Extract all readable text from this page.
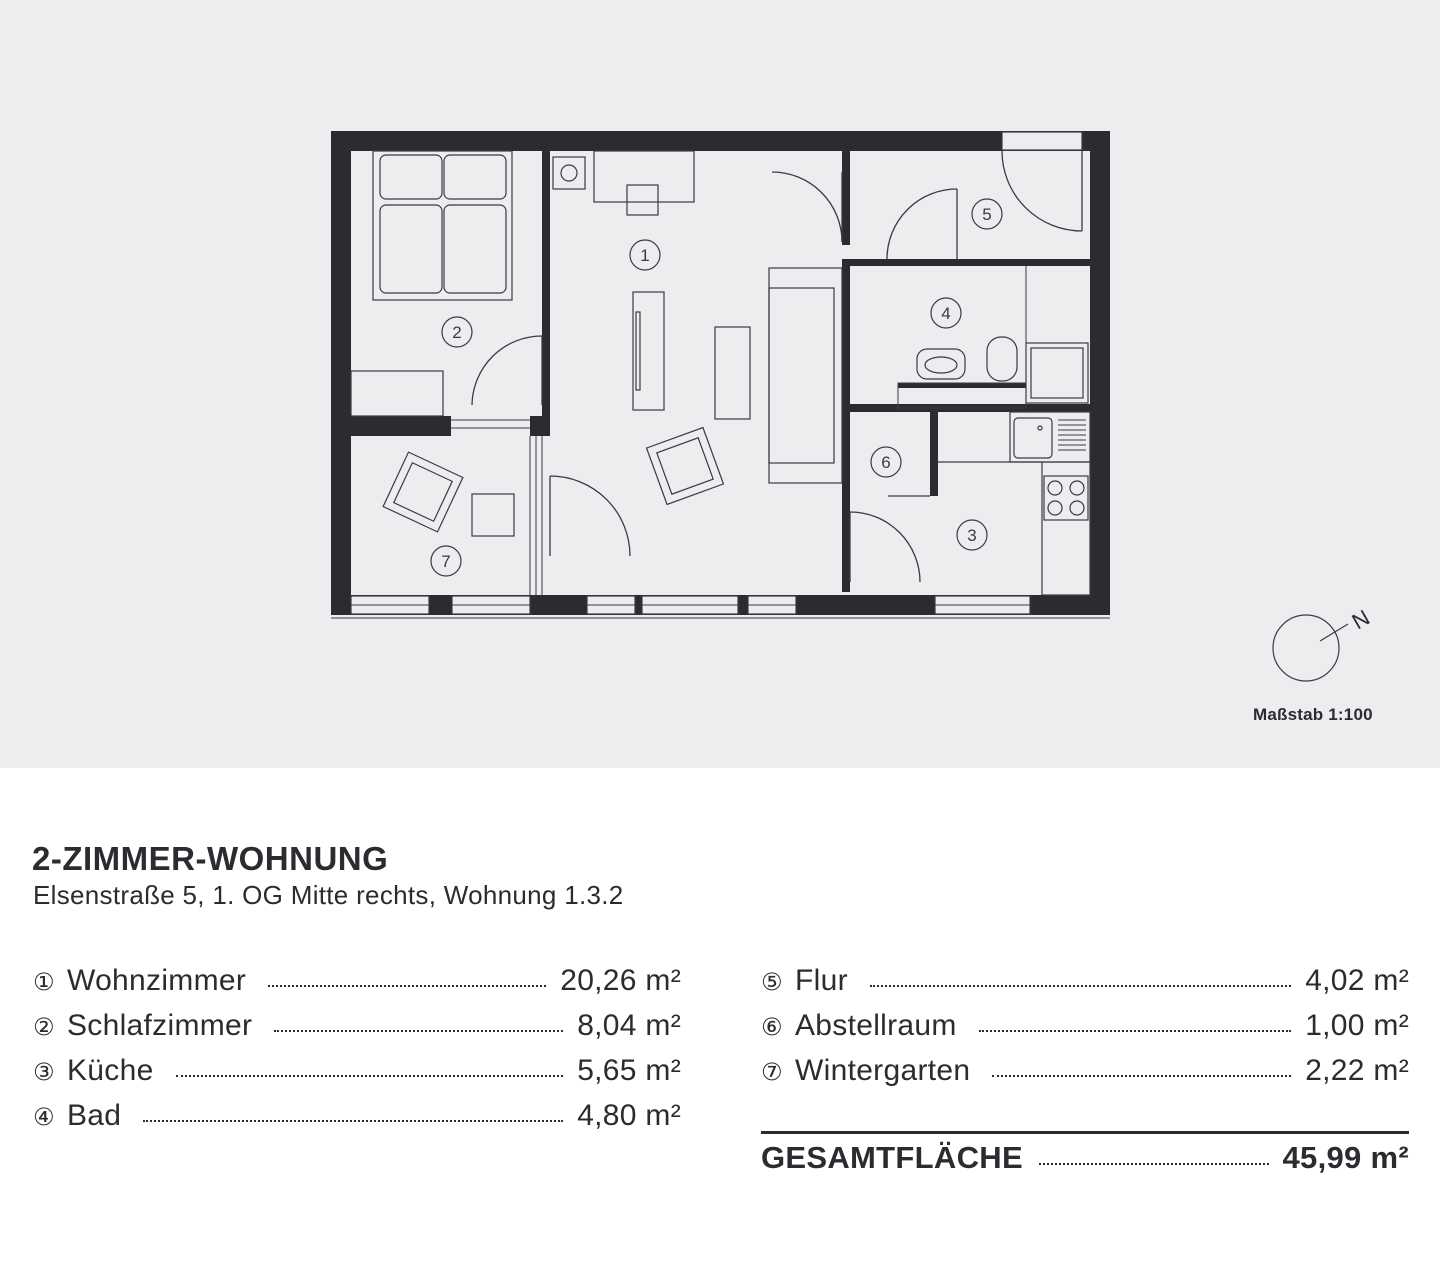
1
2
3
4
5
6
7
N
Maßstab 1:100
2-ZIMMER-WOHNUNG
Elsenstraße 5, 1. OG Mitte rechts, Wohnung 1.3.2
① Wohnzimmer	20,26 m²
② Schlafzimmer	8,04 m²
③ Küche	5,65 m²
④ Bad	4,80 m²
⑤ Flur	4,02 m²
⑥ Abstellraum	1,00 m²
⑦ Wintergarten	2,22 m²
GESAMTFLÄCHE	45,99 m²
